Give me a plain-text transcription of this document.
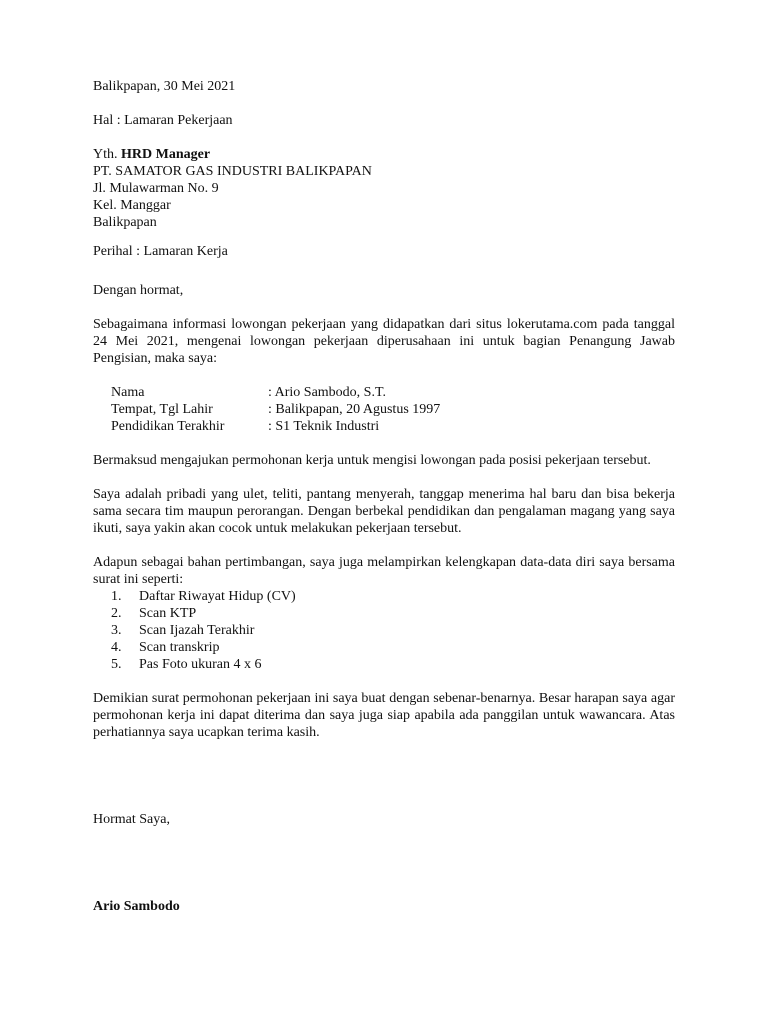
Balikpapan, 30 Mei 2021
Hal : Lamaran Pekerjaan
Yth. HRD Manager
PT. SAMATOR GAS INDUSTRI BALIKPAPAN
Jl. Mulawarman No. 9
Kel. Manggar
Balikpapan
Perihal : Lamaran Kerja
Dengan hormat,

Sebagaimana informasi lowongan pekerjaan yang didapatkan dari situs lokerutama.com pada tanggal 24 Mei 2021, mengenai lowongan pekerjaan diperusahaan ini untuk bagian Penangung Jawab Pengisian, maka saya:

Nama	: Ario Sambodo, S.T.
Tempat, Tgl Lahir	: Balikpapan, 20 Agustus 1997
Pendidikan Terakhir	: S1 Teknik Industri

Bermaksud mengajukan permohonan kerja untuk mengisi lowongan pada posisi pekerjaan tersebut.

Saya adalah pribadi yang ulet, teliti, pantang menyerah, tanggap menerima hal baru dan bisa bekerja sama secara tim maupun perorangan. Dengan berbekal pendidikan dan pengalaman magang yang saya ikuti, saya yakin akan cocok untuk melakukan pekerjaan tersebut.

Adapun sebagai bahan pertimbangan, saya juga melampirkan kelengkapan data-data diri saya bersama surat ini seperti:

1.	Daftar Riwayat Hidup (CV)
2.	Scan KTP
3.	Scan Ijazah Terakhir
4.	Scan transkrip
5.	Pas Foto ukuran 4 x 6

Demikian surat permohonan pekerjaan ini saya buat dengan sebenar-benarnya. Besar harapan saya agar permohonan kerja ini dapat diterima dan saya juga siap apabila ada panggilan untuk wawancara. Atas perhatiannya saya ucapkan terima kasih.

Hormat Saya,
Ario Sambodo
